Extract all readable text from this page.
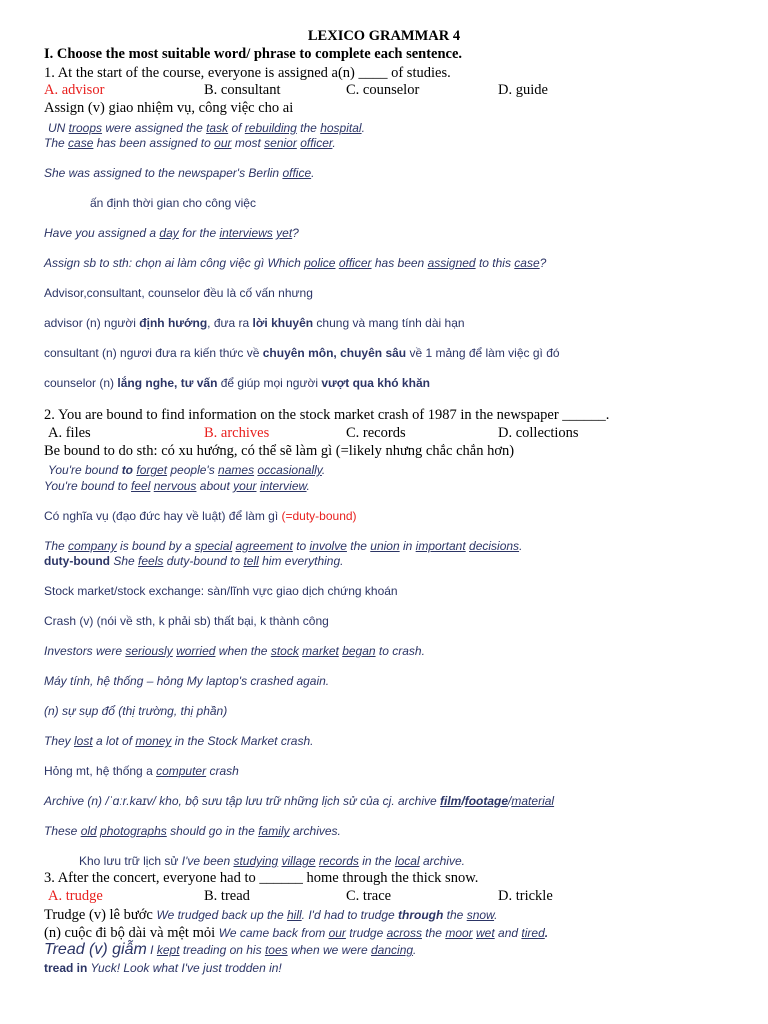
LEXICO GRAMMAR 4
I. Choose the most suitable word/ phrase to complete each sentence.
1. At the start of the course, everyone is assigned a(n) ____ of studies.
A. advisor	B. consultant	C. counselor	D. guide
Assign (v) giao nhiệm vụ, công việc cho ai
UN troops were assigned the task of rebuilding the hospital.
The case has been assigned to our most senior officer.
She was assigned to the newspaper's Berlin office.
ấn định thời gian cho công việc
Have you assigned a day for the interviews yet?
Assign sb to sth: chọn ai làm công việc gì Which police officer has been assigned to this case?
Advisor,consultant, counselor đều là cố vấn nhưng
advisor (n) người định hướng, đưa ra lời khuyên chung và mang tính dài hạn
consultant (n) ngươi đưa ra kiến thức về chuyên môn, chuyên sâu về 1 mảng để làm việc gì đó
counselor (n) lắng nghe, tư vấn để giúp mọi người vượt qua khó khăn
2. You are bound to find information on the stock market crash of 1987 in the newspaper ______.
A. files	B. archives	C. records	D. collections
Be bound to do sth: có xu hướng, có thể sẽ làm gì (=likely nhưng chắc chắn hơn)
You're bound to forget people's names occasionally.
You're bound to feel nervous about your interview.
Có nghĩa vụ (đạo đức hay về luật) để làm gì (=duty-bound)
The company is bound by a special agreement to involve the union in important decisions.
duty-bound She feels duty-bound to tell him everything.
Stock market/stock exchange: sàn/lĩnh vực giao dịch chứng khoán
Crash (v) (nói về sth, k phải sb) thất bại, k thành công
Investors were seriously worried when the stock market began to crash.
Máy tính, hệ thống – hỏng My laptop's crashed again.
(n) sự sụp đổ (thị trường, thị phần)
They lost a lot of money in the Stock Market crash.
Hỏng mt, hệ thống a computer crash
Archive (n) /ˈɑːr.kaɪv/ kho, bộ sưu tập lưu trữ những lịch sử của cj. archive film/footage/material
These old photographs should go in the family archives.
Kho lưu trữ lịch sử I've been studying village records in the local archive.
3. After the concert, everyone had to ______ home through the thick snow.
A. trudge	B. tread	C. trace	D. trickle
Trudge (v) lê bước We trudged back up the hill. I'd had to trudge through the snow.
(n) cuộc đi bộ dài và mệt mỏi We came back from our trudge across the moor wet and tired.
Tread (v) giẫm I kept treading on his toes when we were dancing.
tread in Yuck! Look what I've just trodden in!
